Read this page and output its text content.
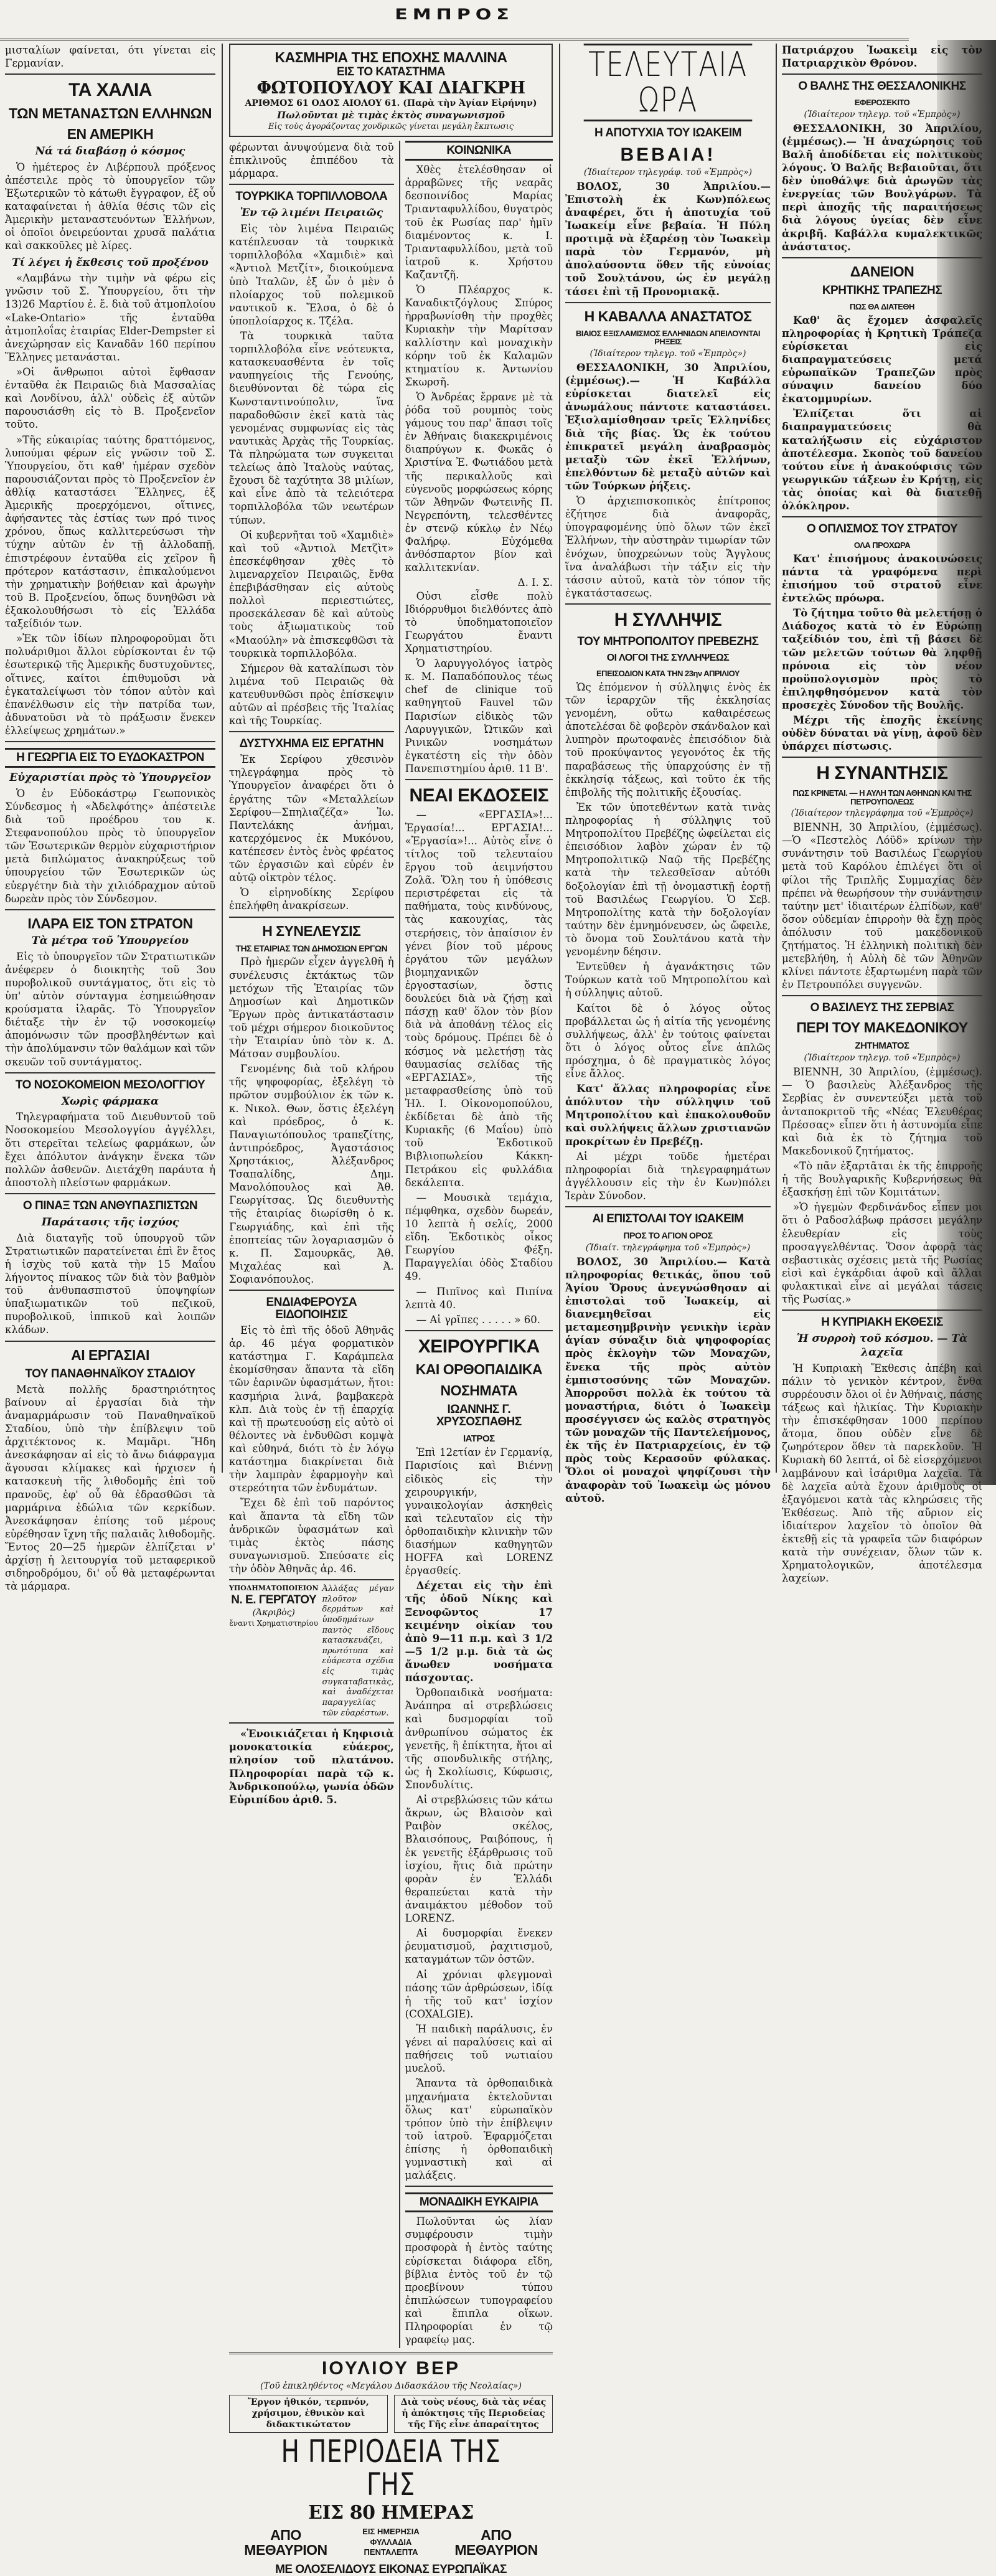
ΕΜΠΡΟΣ

μισταλίων φαίνεται, ότι γίνεται εἰς Γερμανίαν.

ΤΑ ΧΑΛΙΑ
ΤΩΝ ΜΕΤΑΝΑΣΤΩΝ ΕΛΛΗΝΩΝ
ΕΝ ΑΜΕΡΙΚΗ
Νά τά διαβάσῃ ὁ κόσμος

Ὁ ἡμέτερος ἐν Λιβέρπουλ πρόξενος ἀπέστειλε πρὸς τὸ ὑπουργεῖον τῶν Ἐξωτερικῶν τὸ κάτωθι ἔγγραφον, ἐξ οὗ καταφαίνεται ἡ ἀθλία θέσις τῶν εἰς Ἀμερικὴν μεταναστευόντων Ἑλλήνων, οἱ ὁποῖοι ὀνειρεύονται χρυσᾶ παλάτια καὶ σακκοῦλες μὲ λίρες.

Τί λέγει ἡ ἔκθεσις τοῦ προξένου

«Λαμβάνω τὴν τιμὴν νὰ φέρω εἰς γνῶσιν τοῦ Σ. Ὑπουργείου, ὅτι τὴν 13)26 Μαρτίου ἐ. ἔ. διὰ τοῦ ἀτμοπλοίου «Lake-Ontario» τῆς ἐνταῦθα ἀτμοπλοΐας ἑταιρίας Elder-Dempster εἰ ἀνεχώρησαν εἰς Καναδᾶν 160 περίπου Ἕλληνες μετανάσται.

»Οἱ ἄνθρωποι αὐτοὶ ἔφθασαν ἐνταῦθα ἐκ Πειραιῶς διὰ Μασσαλίας καὶ Λονδίνου, ἀλλ' οὐδεὶς ἐξ αὐτῶν παρουσιάσθη εἰς τὸ Β. Προξενεῖον τοῦτο.

»Τῆς εὐκαιρίας ταύτης δραττόμενος, λυπούμαι φέρων εἰς γνῶσιν τοῦ Σ. Ὑπουργείου, ὅτι καθ' ἡμέραν σχεδὸν παρουσιάζονται πρὸς τὸ Προξενεῖον ἐν ἀθλίᾳ καταστάσει Ἕλληνες, ἐξ Ἀμερικῆς προερχόμενοι, οἵτινες, ἀφήσαντες τὰς ἑστίας των πρό τινος χρόνου, ὅπως καλλιτερεύσωσι τὴν τύχην αὐτῶν ἐν τῇ ἀλλοδαπῇ, ἐπιστρέφουν ἐνταῦθα εἰς χεῖρον ἢ πρότερον κατάστασιν, ἐπικαλούμενοι τὴν χρηματικὴν βοήθειαν καὶ ἀρωγὴν τοῦ Β. Προξενείου, ὅπως δυνηθῶσι νὰ ἐξακολουθήσωσι τὸ εἰς Ἑλλάδα ταξείδιόν των.

»Ἐκ τῶν ἰδίων πληροφοροῦμαι ὅτι πολυάριθμοι ἄλλοι εὑρίσκονται ἐν τῷ ἐσωτερικῷ τῆς Ἀμερικῆς δυστυχοῦντες, οἵτινες, καίτοι ἐπιθυμοῦσι νὰ ἐγκαταλείψωσι τὸν τόπον αὐτὸν καὶ ἐπανέλθωσιν εἰς τὴν πατρίδα των, ἀδυνατοῦσι νὰ τὸ πράξωσιν ἕνεκεν ἐλλείψεως χρημάτων.»

Η ΓΕΩΡΓΙΑ ΕΙΣ ΤΟ ΕΥΔΟΚΑΣΤΡΟΝ
Εὐχαριστίαι πρὸς τὸ Ὑπουργεῖον

Ὁ ἐν Εὐδοκάστρῳ Γεωπονικὸς Σύνδεσμος ἡ «Ἀδελφότης» ἀπέστειλε διὰ τοῦ προέδρου του κ. Στεφανοπούλου πρὸς τὸ ὑπουργεῖον τῶν Ἐσωτερικῶν θερμὸν εὐχαριστήριον μετὰ διπλώματος ἀνακηρύξεως τοῦ ὑπουργείου τῶν Ἐσωτερικῶν ὡς εὐεργέτην διὰ τὴν χιλιόδραχμον αὐτοῦ δωρεὰν πρὸς τὸν Σύνδεσμον.

ΙΛΑΡΑ ΕΙΣ ΤΟΝ ΣΤΡΑΤΟΝ
Τὰ μέτρα τοῦ Ὑπουργείου

Εἰς τὸ ὑπουργεῖον τῶν Στρατιωτικῶν ἀνέφερεν ὁ διοικητὴς τοῦ 3ου πυροβολικοῦ συντάγματος, ὅτι εἰς τὸ ὑπ' αὐτὸν σύνταγμα ἐσημειώθησαν κρούσματα ἰλαρᾶς. Τὸ Ὑπουργεῖον διέταξε τὴν ἐν τῷ νοσοκομείῳ ἀπομόνωσιν τῶν προσβληθέντων καὶ τὴν ἀπολύμανσιν τῶν θαλάμων καὶ τῶν σκευῶν τοῦ συντάγματος.

ΤΟ ΝΟΣΟΚΟΜΕΙΟΝ ΜΕΣΟΛΟΓΓΙΟΥ
Χωρὶς φάρμακα

Τηλεγραφήματα τοῦ Διευθυντοῦ τοῦ Νοσοκομείου Μεσολογγίου ἀγγέλλει, ὅτι στερεῖται τελείως φαρμάκων, ὧν ἔχει ἀπόλυτον ἀνάγκην ἕνεκα τῶν πολλῶν ἀσθενῶν. Διετάχθη παράυτα ἡ ἀποστολὴ πλείστων φαρμάκων.

Ο ΠΙΝΑΞ ΤΩΝ ΑΝΘΥΠΑΣΠΙΣΤΩΝ
Παράτασις τῆς ἰσχύος

Διὰ διαταγῆς τοῦ ὑπουργοῦ τῶν Στρατιωτικῶν παρατείνεται ἐπὶ ἓν ἔτος ἡ ἰσχὺς τοῦ κατὰ τὴν 15 Μαΐου λήγοντος πίνακος τῶν διὰ τὸν βαθμὸν τοῦ ἀνθυπασπιστοῦ ὑποψηφίων ὑπαξιωματικῶν τοῦ πεζικοῦ, πυροβολικοῦ, ἱππικοῦ καὶ λοιπῶν κλάδων.

ΑΙ ΕΡΓΑΣΙΑΙ
ΤΟΥ ΠΑΝΑΘΗΝΑΪΚΟΥ ΣΤΑΔΙΟΥ

Μετὰ πολλῆς δραστηριότητος βαίνουν αἱ ἐργασίαι διὰ τὴν ἀναμαρμάρωσιν τοῦ Παναθηναϊκοῦ Σταδίου, ὑπὸ τὴν ἐπίβλεψιν τοῦ ἀρχιτέκτονος κ. Μαμᾶρι. Ἤδη ἀνεσκάφησαν αἱ εἰς τὸ ἄνω διάφραγμα ἄγουσαι κλίμακες καὶ ἠρχισεν ἡ κατασκευὴ τῆς λιθοδομῆς ἐπὶ τοῦ πρανοῦς, ἐφ' οὗ θὰ ἐδρασθῶσι τὰ μαρμάρινα ἑδώλια τῶν κερκίδων. Ἀνεσκάφησαν ἐπίσης τοῦ μέρους εὑρέθησαν ἴχνη τῆς παλαιᾶς λιθοδομῆς. Ἔντος 20—25 ἡμερῶν ἐλπίζεται ν' ἀρχίσῃ ἡ λειτουργία τοῦ μεταφερικοῦ σιδηροδρόμου, δι' οὗ θὰ μεταφέρωνται τὰ μάρμαρα.

ΚΑΣΜΗΡΙΑ ΤΗΣ ΕΠΟΧΗΣ ΜΑΛΛΙΝΑ
ΕΙΣ ΤΟ ΚΑΤΑΣΤΗΜΑ
ΦΩΤΟΠΟΥΛΟΥ ΚΑΙ ΔΙΑΓΚΡΗ
ΑΡΙΘΜΟΣ 61 ΟΔΟΣ ΑΙΟΛΟΥ 61. (Παρὰ τὴν Ἁγίαν Εἰρήνην)
Πωλοῦνται μὲ τιμὰς ἐκτὸς συναγωνισμοῦ
Εἰς τοὺς ἀγοράζοντας χονδρικῶς γίνεται μεγάλη ἔκπτωσις

φέρωνται ἀνυψούμενα διὰ τοῦ ἐπικλινοῦς ἐπιπέδου τὰ μάρμαρα.

ΤΟΥΡΚΙΚΑ ΤΟΡΠΙΛΛΟΒΟΛΑ
Ἐν τῷ λιμένι Πειραιῶς

Εἰς τὸν λιμένα Πειραιῶς κατέπλευσαν τὰ τουρκικὰ τορπιλλοβόλα «Χαμιδιὲ» καὶ «Ἀντιολ Μετζίτ», διοικούμενα ὑπὸ Ἰταλῶν, ἐξ ὧν ὁ μὲν ὁ πλοίαρχος τοῦ πολεμικοῦ ναυτικοῦ κ. Ἔλσα, ὁ δὲ ὁ ὑποπλοίαρχος κ. Τζέλα.

Τὰ τουρκικὰ ταῦτα τορπιλλοβόλα εἶνε νεότευκτα, κατασκευασθέντα ἐν τοῖς ναυπηγείοις τῆς Γενούης, διευθύνονται δὲ τώρα εἰς Κωνσταντινούπολιν, ἵνα παραδοθῶσιν ἐκεῖ κατὰ τὰς γενομένας συμφωνίας εἰς τὰς ναυτικὰς Ἀρχὰς τῆς Τουρκίας. Τὰ πληρώματα των συγκειται τελείως ἀπὸ Ἰταλοὺς ναύτας, ἔχουσι δὲ ταχύτητα 38 μιλίων, καὶ εἶνε ἀπὸ τὰ τελειότερα τορπιλλοβόλα τῶν νεωτέρων τύπων.

Οἱ κυβερνῆται τοῦ «Χαμιδιὲ» καὶ τοῦ «Ἀντιολ Μετζὶτ» ἐπεσκέφθησαν χθὲς τὸ λιμεναρχεῖον Πειραιῶς, ἔνθα ἐπεβιβάσθησαν εἰς αὐτοὺς πολλοὶ περιεστιώτες, προσεκάλεσαν δὲ καὶ αὐτοὺς τοὺς ἀξιωματικοὺς τοῦ «Μιαούλη» νὰ ἐπισκεφθῶσι τὰ τουρκικὰ τορπιλλοβόλα.

Σήμερον θὰ καταλίπωσι τὸν λιμένα τοῦ Πειραιῶς θὰ κατευθυνθῶσι πρὸς ἐπίσκεψιν αὐτῶν αἱ πρέσβεις τῆς Ἰταλίας καὶ τῆς Τουρκίας.

ΔΥΣΤΥΧΗΜΑ ΕΙΣ ΕΡΓΑΤΗΝ

Ἐκ Σερίφου χθεσινὸν τηλεγράφημα πρὸς τὸ Ὑπουργεῖον ἀναφέρει ὅτι ὁ ἐργάτης τῶν «Μεταλλείων Σερίφου—Σπηλιαζέζα» Ἰω. Παντελάκης ἀνήμαι, κατερχόμενος ἐκ Μυκόνου, κατέπεσεν ἐντὸς ἑνὸς φρέατος τῶν ἐργασιῶν καὶ εὑρέν ἐν αὐτῷ οἰκτρὸν τέλος.

Ὁ εἰρηνοδίκης Σερίφου ἐπελήφθη ἀνακρίσεων.

Η ΣΥΝΕΛΕΥΣΙΣ
ΤΗΣ ΕΤΑΙΡΙΑΣ ΤΩΝ ΔΗΜΟΣΙΩΝ ΕΡΓΩΝ

Πρὸ ἡμερῶν εἶχεν ἀγγελθῆ ἡ συνέλευσις ἐκτάκτως τῶν μετόχων τῆς Ἑταιρίας τῶν Δημοσίων καὶ Δημοτικῶν Ἔργων πρὸς ἀντικατάστασιν τοῦ μέχρι σήμερον διοικοῦντος τὴν Ἑταιρίαν ὑπὸ τὸν κ. Δ. Μάτσαν συμβουλίου.

Γενομένης διὰ τοῦ κλήρου τῆς ψηφοφορίας, ἐξελέγη τὸ πρῶτον συμβούλιον ἐκ τῶν κ. κ. Νικολ. Θων, ὅστις ἐξελέγη καὶ πρόεδρος, ὁ κ. Παναγιωτόπουλος τραπεζίτης, ἀντιπρόεδρος, Ἀγαστάσιος Χρηστάκιος, Ἀλέξανδρος Τσαπαλίδης, Δημ. Μανολόπουλος καὶ Ἀθ. Γεωργίτσας. Ὡς διευθυντὴς τῆς ἑταιρίας διωρίσθη ὁ κ. Γεωργιάδης, καὶ ἐπὶ τῆς ἐποπτείας τῶν λογαριασμῶν ὁ κ. Π. Σαμουρκᾶς, Ἀθ. Μιχαλέας καὶ Ἀ. Σοφιανόπουλος.

ΕΝΔΙΑΦΕΡΟΥΣΑ ΕΙΔΟΠΟΙΗΣΙΣ

Εἰς τὸ ἐπὶ τῆς ὁδοῦ Ἀθηνᾶς ἀρ. 46 μέγα φορματικὸν κατάστημα Γ. Καράμπελα ἐκομίσθησαν ἅπαντα τὰ εἴδη τῶν ἐαρινῶν ὑφασμάτων, ἤτοι: κασμήρια λινά, βαμβακερὰ κλπ. Διὰ τοὺς ἐν τῇ ἐπαρχίᾳ καὶ τῇ πρωτευούσῃ εἰς αὐτὸ οἱ θέλοντες νὰ ἐνδυθῶσι κομψὰ καὶ εὐθηνά, διότι τὸ ἐν λόγῳ κατάστημα διακρίνεται διὰ τὴν λαμπρὰν ἐφαρμογὴν καὶ στερεότητα τῶν ἐνδυμάτων.

Ἔχει δὲ ἐπὶ τοῦ παρόντος καὶ ἅπαντα τὰ εἴδη τῶν ἀνδρικῶν ὑφασμάτων καὶ τιμὰς ἐκτὸς πάσης συναγωνισμοῦ. Σπεύσατε εἰς τὴν ὁδὸν Ἀθηνᾶς ἀρ. 46.

ΥΠΟΔΗΜΑΤΟΠΟΙΕΙΟΝ
Ν. Ε. ΓΕΡΓΑΤΟΥ
(Ἀκριβὸς)
ἔναντι Χρηματιστηρίου
Ἀλλάξας μέγαν πλοῦτον δερμάτων καὶ ὑποδημάτων παντὸς εἴδους κατασκευάζει, πρωτότυπα καὶ εὐάρεστα σχέδια εἰς τιμὰς συγκαταβατικὰς, καὶ ἀναδέχεται παραγγελίας τῶν εὐαρέστων.

«Ἐνοικιάζεται ἡ Κηφισιὰ μονοκατοικία εὐάερος, πλησίον τοῦ πλατάνου. Πληροφορίαι παρὰ τῷ κ. Ἀνδρικοπούλῳ, γωνία ὁδῶν Εὐριπίδου ἀριθ. 5.

ΚΟΙΝΩΝΙΚΑ

Χθὲς ἐτελέσθησαν οἱ ἀρραβῶνες τῆς νεαρᾶς δεσποινίδος Μαρίας Τριανταφυλλίδου, θυγατρὸς τοῦ ἐκ Ρωσίας παρ' ἡμῖν διαμένοντος κ. Ι. Τριανταφυλλίδου, μετὰ τοῦ ἰατροῦ κ. Χρήστου Καζαντζῆ.

Ὁ Πλέαρχος κ. Καναδικτζόγλους Σπύρος ἠρραβωνίσθη τὴν προχθὲς Κυριακὴν τὴν Μαρίτσαν καλλίστην καὶ μοναχικὴν κόρην τοῦ ἐκ Καλαμῶν κτηματίου κ. Ἀντωνίου Σκωρσῆ.

Ὁ Ἀνδρέας ἔρρανε μὲ τὰ ῥόδα τοῦ ρουμπὸς τοὺς γάμους του παρ' ἅπασι τοῖς ἐν Ἀθήναις διακεκριμένοις διαπρύγων κ. Φωκᾶς ὁ Χριστίνα Ἐ. Φωτιάδου μετὰ τῆς περικαλλοῦς καὶ εὐγενοῦς μορφώσεως κόρης τῶν Ἀθηνῶν Φωτεινῆς Π. Νεγρεπόντη, τελεσθέντες ἐν στενῷ κύκλῳ ἐν Νέῳ Φαλήρῳ. Εὐχόμεθα ἀνθόσπαρτον βίον καὶ καλλιτεκνίαν.

Δ. Ι. Σ.

Οὐσι εἶσθε πολὺ Ιδιόρρυθμοι διελθόντες ἀπὸ τὸ ὑποδηματοποιεῖον Γεωργάτου ἔναντι Χρηματιστηρίου.

Ὁ λαρυγγολόγος ἰατρὸς κ. Μ. Παπαδόπουλος τέως chef de clinique τοῦ καθηγητοῦ Fauvel τῶν Παρισίων εἰδικὸς τῶν Λαρυγγικῶν, Ὠτικῶν καὶ Ρινικῶν νοσημάτων ἐγκατέστη εἰς τὴν ὁδὸν Πανεπιστημίου ἀριθ. 11 Β'.

ΝΕΑΙ ΕΚΔΟΣΕΙΣ

— «ΕΡΓΑΣΙΑ»!... Ἐργασία!... ΕΡΓΑΣΙΑ!... «Ἐργασία»!... Αὐτὸς εἶνε ὁ τίτλος τοῦ τελευταίου ἔργου τοῦ ἀειμνήστου Ζολᾶ. Ὅλη του ἡ ὑπόθεσις περιστρέφεται εἰς τὰ παθήματα, τοὺς κινδύνους, τὰς κακουχίας, τὰς στερήσεις, τὸν ἀπαίσιον ἐν γένει βίον τοῦ μέρους ἐργάτου τῶν μεγάλων βιομηχανικῶν ἐργοστασίων, ὅστις δουλεύει διὰ νὰ ζήσῃ καὶ πάσχῃ καθ' ὅλον τὸν βίον διὰ νὰ ἀποθάνῃ τέλος εἰς τοὺς δρόμους. Πρέπει δὲ ὁ κόσμος νὰ μελετήσῃ τὰς θαυμασίας σελίδας τῆς «ΕΡΓΑΣΙΑΣ», τῆς μεταφρασθείσης ὑπὸ τοῦ Ἠλ. Ι. Οἰκονομοπούλου, ἐκδίδεται δὲ ἀπὸ τῆς Κυριακῆς (6 Μαΐου) ὑπὸ τοῦ Ἐκδοτικοῦ Βιβλιοπωλείου Κάκκη-Πετράκου εἰς φυλλάδια δεκάλεπτα.

— Μουσικὰ τεμάχια, πέμφθηκα, σχεδὸν δωρεάν, 10 λεπτὰ ἡ σελίς, 2000 εἴδη. Ἐκδοτικὸς οἶκος Γεωργίου Φέξη. Παραγγελίαι ὁδὸς Σταδίου 49.

— Πιπῖνος καὶ Πιπίνα λεπτὰ 40.

— Αἱ γρῖπες . . . . . » 60.

ΧΕΙΡΟΥΡΓΙΚΑ
ΚΑΙ ΟΡΘΟΠΑΙΔΙΚΑ
ΝΟΣΗΜΑΤΑ
ΙΩΑΝΝΗΣ Γ. ΧΡΥΣΟΣΠΑΘΗΣ
ΙΑΤΡΟΣ

Ἐπὶ 12ετίαν ἐν Γερμανίᾳ, Παρισίοις καὶ Βιέννῃ εἰδικὸς εἰς τὴν χειρουργικήν, γυναικολογίαν ἀσκηθεὶς καὶ τελευταῖον εἰς τὴν ὀρθοπαιδικὴν κλινικὴν τῶν διασήμων καθηγητῶν HOFFA καὶ LORENZ ἐργασθείς.

Δέχεται εἰς τὴν ἐπὶ τῆς ὁδοῦ Νίκης καὶ Ξενοφῶντος 17 κειμένην οἰκίαν του ἀπὸ 9—11 π.μ. καὶ 3 1/2—5 1/2 μ.μ. διὰ τὰ ὡς ἄνωθεν νοσήματα πάσχοντας.

Ὀρθοπαιδικὰ νοσήματα: Ἀνάπηρα αἱ στρεβλώσεις καὶ δυσμορφίαι τοῦ ἀνθρωπίνου σώματος ἐκ γενετῆς, ἢ ἐπίκτητα, ἤτοι αἱ τῆς σπονδυλικῆς στήλης, ὡς ἡ Σκολίωσις, Κύφωσις, Σπονδυλίτις.

Αἱ στρεβλώσεις τῶν κάτω ἄκρων, ὡς Βλαισὸν καὶ Ραιβὸν σκέλος, Βλαισόπους, Ραιβόπους, ἡ ἐκ γενετῆς ἐξάρθρωσις τοῦ ἰσχίου, ἥτις διὰ πρώτην φορὰν ἐν Ἑλλάδι θεραπεύεται κατὰ τὴν ἀναιμάκτου μέθοδον τοῦ LORENZ.

Αἱ δυσμορφίαι ἕνεκεν ῥευματισμοῦ, ῥαχιτισμοῦ, καταγμάτων τῶν ὀστῶν.

Αἱ χρόνιαι φλεγμοναὶ πάσης τῶν ἀρθρώσεων, ἰδίᾳ ἡ τῆς τοῦ κατ' ἰσχίον (COXALGIE).

Ἡ παιδικὴ παράλυσις, ἐν γένει αἱ παραλύσεις καὶ αἱ παθήσεις τοῦ νωτιαίου μυελοῦ.

Ἅπαντα τὰ ὀρθοπαιδικὰ μηχανήματα ἐκτελοῦνται ὅλως κατ' εὐρωπαϊκὸν τρόπον ὑπὸ τὴν ἐπίβλεψιν τοῦ ἰατροῦ. Ἐφαρμόζεται ἐπίσης ἡ ὀρθοπαιδικὴ γυμναστικὴ καὶ αἱ μαλάξεις.

ΜΟΝΑΔΙΚΗ ΕΥΚΑΙΡΙΑ

Πωλοῦνται ὡς λίαν συμφέρουσιν τιμὴν προσφορὰ ἡ ἐντὸς ταύτης εὐρίσκεται διάφορα εἴδη, βίβλια ἐντὸς τοῦ ἐν τῷ προεβίνουν τύπου ἐπιπλώσεων τυπογραφείου καὶ ἔπιπλα οἴκων. Πληροφορίαι ἐν τῷ γραφείῳ μας.

ΙΟΥΛΙΟΥ ΒΕΡ
(Τοῦ ἐπικληθέντος «Μεγάλου Διδασκάλου τῆς Νεολαίας»)
Ἔργον ἠθικόν, τερπνόν, χρήσιμον, ἐθνικὸν καὶ διδακτικώτατον
Διὰ τοὺς νέους, διὰ τὰς νέας ἡ ἀπόκτησις τῆς Περιοδείας τῆς Γῆς εἶνε ἀπαραίτητος
Η ΠΕΡΙΟΔΕΙΑ ΤΗΣ ΓΗΣ
ΕΙΣ 80 ΗΜΕΡΑΣ
ΑΠΟ ΜΕΘΑΥΡΙΟΝ
ΕΙΣ ΗΜΕΡΗΣΙΑ ΦΥΛΛΑΔΙΑ
ΠΕΝΤΑΛΕΠΤΑ
ΑΠΟ ΜΕΘΑΥΡΙΟΝ
ΜΕ ΟΛΟΣΕΛΙΔΟΥΣ ΕΙΚΟΝΑΣ ΕΥΡΩΠΑΪΚΑΣ
ΤΕΛΕΥΤΑΙΑ ΩΡΑ
Η ΑΠΟΤΥΧΙΑ ΤΟΥ ΙΩΑΚΕΙΜ
ΒΕΒΑΙΑ!
(Ἰδιαίτερον τηλεγράφ. τοῦ «Ἐμπρὸς»)

ΒΟΛΟΣ, 30 Ἀπριλίου.— Ἐπιστολὴ ἐκ Κων)πόλεως ἀναφέρει, ὅτι ἡ ἀποτυχία τοῦ Ἰωακείμ εἶνε βεβαία. Ἡ Πύλη προτιμᾷ νὰ ἐξαρέσῃ τὸν Ἰωακεὶμ παρὰ τὸν Γερμανόν, μὴ ἀπολαύσοντα ὅθεν τῆς εὐνοίας τοῦ Σουλτάνου, ὡς ἐν μεγάλῃ τάσει ἐπὶ τῇ Προνομιακᾷ.

Η ΚΑΒΑΛΛΑ ΑΝΑΣΤΑΤΟΣ
ΒΙΑΙΟΣ ΕΞΙΣΛΑΜΙΣΜΟΣ ΕΛΛΗΝΙΔΩΝ ΑΠΕΙΛΟΥΝΤΑΙ ΡΗΞΕΙΣ
(Ἰδιαίτερον τηλεγρ. τοῦ «Ἐμπρὸς»)

ΘΕΣΣΑΛΟΝΙΚΗ, 30 Ἀπριλίου, (ἐμμέσως).— Ἡ Καβάλλα εὑρίσκεται διατελεῖ εἰς ἀνωμάλους πάντοτε καταστάσει. Ἐξισλαμίσθησαν τρεῖς Ἑλληνίδες διὰ τῆς βίας. Ὡς ἐκ τούτου ἐπικρατεῖ μεγάλη ἀναβρασμὸς μεταξὺ τῶν ἐκεῖ Ἑλλήνων, ἐπελθόντων δὲ μεταξὺ αὐτῶν καὶ τῶν Τούρκων ῥήξεις.

Ὁ ἀρχιεπισκοπικὸς ἐπίτροπος ἐζήτησε διὰ ἀναφορᾶς, ὑπογραφομένης ὑπὸ ὅλων τῶν ἐκεῖ Ἑλλήνων, τὴν αὐστηρὰν τιμωρίαν τῶν ἐνόχων, ὑποχρεώνων τοὺς Ἄγγλους ἵνα ἀναλάβωσι τὴν τάξιν εἰς τὴν τάσσιν αὐτοῦ, κατὰ τὸν τόπον τῆς ἐγκατάστασεως.

Η ΣΥΛΛΗΨΙΣ
ΤΟΥ ΜΗΤΡΟΠΟΛΙΤΟΥ ΠΡΕΒΕΖΗΣ
ΟΙ ΛΟΓΟΙ ΤΗΣ ΣΥΛΛΗΨΕΩΣ
ΕΠΕΙΣΟΔΙΟΝ ΚΑΤΑ ΤΗΝ 23ην ΑΠΡΙΛΙΟΥ

Ὡς ἐπόμενον ἡ σύλληψις ἑνὸς ἐκ τῶν ἱεραρχῶν τῆς ἐκκλησίας γενομένη, οὕτω καθαιρέσεως ἀποτελέσαι δὲ φοβερὸν σκάνδαλον καὶ λυπηρὸν πρωτοφανὲς ἐπεισόδιον διὰ τοῦ προκύψαντος γεγονότος ἐκ τῆς παραβάσεως τῆς ὑπαρχούσης ἐν τῇ ἐκκλησίᾳ τάξεως, καὶ τοῦτο ἐκ τῆς ἐπιβολῆς τῆς πολιτικῆς ἐξουσίας.

Ἐκ τῶν ὑποτεθέντων κατὰ τινὰς πληροφορίας ἡ σύλληψις τοῦ Μητροπολίτου Πρεβέζης ὠφείλεται εἰς ἐπεισόδιον λαβὸν χώραν ἐν τῷ Μητροπολιτικῷ Ναῷ τῆς Πρεβέζης κατὰ τὴν τελεσθεῖσαν αὐτόθι δοξολογίαν ἐπὶ τῇ ὀνομαστικῇ ἑορτῇ τοῦ Βασιλέως Γεωργίου. Ὁ Σεβ. Μητροπολίτης κατὰ τὴν δοξολογίαν ταύτην δὲν ἐμνημόνευσεν, ὡς ὤφειλε, τὸ ὄνομα τοῦ Σουλτάνου κατὰ τὴν γενομένην δέησιν.

Ἐντεῦθεν ἡ ἀγανάκτησις τῶν Τούρκων κατὰ τοῦ Μητροπολίτου καὶ ἡ σύλληψις αὐτοῦ.

Καίτοι δὲ ὁ λόγος οὗτος προβάλλεται ὡς ἡ αἰτία τῆς γενομένης συλλήψεως, ἀλλ' ἐν τούτοις φαίνεται ὅτι ὁ λόγος οὗτος εἶνε ἁπλῶς πρόσχημα, ὁ δὲ πραγματικὸς λόγος εἶνε ἄλλος.

Κατ' ἄλλας πληροφορίας εἶνε ἀπόλυτον τὴν σύλληψιν τοῦ Μητροπολίτου καὶ ἐπακολουθοῦν καὶ συλλήψεις ἄλλων χριστιανῶν προκρίτων ἐν Πρεβέζῃ.

Αἱ μέχρι τοῦδε ἡμετέραι πληροφορίαι διὰ τηλεγραφημάτων ἀγγέλλουσιν εἰς τὴν ἐν Κων)πόλει Ἱερὰν Σύνοδον.

ΑΙ ΕΠΙΣΤΟΛΑΙ ΤΟΥ ΙΩΑΚΕΙΜ
ΠΡΟΣ ΤΟ ΑΓΙΟΝ ΟΡΟΣ
(Ἰδιαίτ. τηλεγράφημα τοῦ «Ἐμπρὸς»)

ΒΟΛΟΣ, 30 Ἀπριλίου.— Κατὰ πληροφορίας θετικάς, ὅπου τοῦ Ἁγίου Ὄρους ἀνεγνώσθησαν αἱ ἐπιστολαὶ τοῦ Ἰωακείμ, αἱ διανεμηθεῖσαι εἰς μεταμεσημβρινὴν γενικὴν ἱερὰν ἁγίαν σύναξιν διὰ ψηφοφορίας πρὸς ἐκλογὴν τῶν Μοναχῶν, ἔνεκα τῆς πρὸς αὐτὸν ἐμπιστοσύνης τῶν Μοναχῶν. Ἀπορροῦσι πολλὰ ἐκ τούτου τὰ μοναστήρια, διότι ὁ Ἰωακεὶμ προσέγγισεν ὡς καλὸς στρατηγὸς τῶν μοναχῶν τῆς Παντελεήμονος, ἐκ τῆς ἐν Πατριαρχείοις, ἐν τῷ πρὸς τοὺς Κερασοῦν φύλακας. Ὅλοι οἱ μοναχοὶ ψηφίζουσι τὴν ἀναφορὰν τοῦ Ἰωακεὶμ ὡς μόνου αὐτοῦ.

Πατριάρχου Ἰωακεὶμ εἰς τὸν Πατριαρχικὸν Θρόνον.

Ο ΒΑΛΗΣ ΤΗΣ ΘΕΣΣΑΛΟΝΙΚΗΣ
ΕΦΕΡΟΣΕΚΙΤΟ
(Ἰδιαίτερον τηλεγρ. τοῦ «Ἐμπρὸς»)

ΘΕΣΣΑΛΟΝΙΚΗ, 30 Ἀπριλίου, (ἐμμέσως).— Ἡ ἀναχώρησις τοῦ Βαλῆ ἀποδίδεται εἰς πολιτικοὺς λόγους. Ὁ Βαλῆς Βεβαιοῦται, ὅτι δὲν ὑποθάλψε διὰ ἀρωγῶν τὰς ἐνεργείας τῶν Βουλγάρων. Τὰ περὶ ἀποχῆς τῆς παραιτήσεως διὰ λόγους ὑγείας δὲν εἶνε ἀκριβῆ. Καβάλλα κυμαλεκτικῶς ἀνάστατος.

ΔΑΝΕΙΟΝ
ΚΡΗΤΙΚΗΣ ΤΡΑΠΕΖΗΣ
ΠΩΣ ΘΑ ΔΙΑΤΕΘΗ

Καθ' ἃς ἔχομεν ἀσφαλεῖς πληροφορίας ἡ Κρητικὴ Τράπεζα εὑρίσκεται εἰς διαπραγματεύσεις μετά εὐρωπαϊκῶν Τραπεζῶν πρὸς σύναψιν δανείου δύο ἑκατομμυρίων.

Ἐλπίζεται ὅτι αἱ διαπραγματεύσεις θὰ καταλήξωσιν εἰς εὐχάριστον ἀποτέλεσμα. Σκοπὸς τοῦ δανείου τούτου εἶνε ἡ ἀνακούφισις τῶν γεωργικῶν τάξεων ἐν Κρήτῃ, εἰς τὰς ὁποίας καὶ θὰ διατεθῇ ὁλόκληρον.

Ο ΟΠΛΙΣΜΟΣ ΤΟΥ ΣΤΡΑΤΟΥ
ΟΛΑ ΠΡΟΧΩΡΑ

Κατ' ἐπισήμους ἀνακοινώσεις πάντα τὰ γραφόμενα περὶ ἐπισήμου τοῦ στρατοῦ εἶνε ἐντελῶς πρόωρα.

Τὸ ζήτημα τοῦτο θὰ μελετήσῃ ὁ Διάδοχος κατὰ τὸ ἐν Εὐρώπῃ ταξείδιόν του, ἐπὶ τῇ βάσει δὲ τῶν μελετῶν τούτων θὰ ληφθῇ πρόνοια εἰς τὸν νέον προϋπολογισμὸν πρὸς τὸ ἐπιληφθησόμενον κατὰ τὸν προσεχὲς Σύνοδον τῆς Βουλῆς.

Μέχρι τῆς ἐποχῆς ἐκείνης οὐδὲν δύναται νὰ γίνῃ, ἀφοῦ δὲν ὑπάρχει πίστωσις.

Η ΣΥΝΑΝΤΗΣΙΣ
ΠΩΣ ΚΡΙΝΕΤΑΙ. — Η ΑΥΛΗ ΤΩΝ ΑΘΗΝΩΝ ΚΑΙ ΤΗΣ ΠΕΤΡΟΥΠΟΛΕΩΣ
(Ἰδιαίτερον τηλεγράφημα τοῦ «Ἐμπρὸς»)

ΒΙΕΝΝΗ, 30 Ἀπριλίου, (ἐμμέσως).—Ὁ «Πεστελὸς Λόϋδ» κρίνων τὴν συνάντησιν τοῦ Βασιλέως Γεωργίου μετὰ τοῦ Καρόλου ἐπιλέγει ὅτι οἱ φίλοι τῆς Τριπλῆς Συμμαχίας δὲν πρέπει νὰ θεωρήσουν τὴν συνάντησιν ταύτην μετ' ἰδιαιτέρων ἐλπίδων, καθ' ὅσον οὐδεμίαν ἐπιρροὴν θὰ ἔχῃ πρὸς ἀπόλυσιν τοῦ μακεδονικοῦ ζητήματος. Ἡ ἑλληνικὴ πολιτικὴ δὲν μετεβλήθη, ἡ Αὐλὴ δὲ τῶν Ἀθηνῶν κλίνει πάντοτε ἐξαρτωμένη παρὰ τῶν ἐν Πετρουπόλει συγγενῶν.

Ο ΒΑΣΙΛΕΥΣ ΤΗΣ ΣΕΡΒΙΑΣ
ΠΕΡΙ ΤΟΥ ΜΑΚΕΔΟΝΙΚΟΥ
ΖΗΤΗΜΑΤΟΣ
(Ἰδιαίτερον τηλεγρ. τοῦ «Ἐμπρὸς»)

ΒΙΕΝΝΗ, 30 Ἀπριλίου, (ἐμμέσως). — Ὁ βασιλεὺς Ἀλέξανδρος τῆς Σερβίας ἐν συνεντεύξει μετὰ τοῦ ἀνταποκριτοῦ τῆς «Νέας Ἐλευθέρας Πρέσσας» εἶπεν ὅτι ἡ ἀστυνομία εἶπε καὶ διὰ ἐκ τὸ ζήτημα τοῦ Μακεδονικοῦ ζητήματος.

«Τὸ πᾶν ἐξαρτᾶται ἐκ τῆς ἐπιρροῆς ἡ τῆς Βουλγαρικῆς Κυβερνήσεως θὰ ἐξασκήσῃ ἐπὶ τῶν Κομιτάτων.

»Ὁ ἡγεμὼν Φερδινάνδος εἶπεν μοι ὅτι ὁ Ραδοσλάβωφ πράσσει μεγάλην ἐλευθερίαν εἰς τοὺς προσαγγελθέντας. Ὅσον ἀφορᾷ τὰς σεβαστικὰς σχέσεις μετὰ τῆς Ρωσίας εἰσὶ καὶ ἐγκάρδιαι ἀφοῦ καὶ ἄλλαι φυλακτικαὶ εἶνε αἱ μεγάλαι τάσεις τῆς Ρωσίας.»

Η ΚΥΠΡΙΑΚΗ ΕΚΘΕΣΙΣ
Ἡ συρροὴ τοῦ κόσμου. — Τὰ λαχεῖα

Ἡ Κυπριακὴ Ἔκθεσις ἀπέβη καὶ πάλιν τὸ γενικὸν κέντρον, ἔνθα συρρέουσιν ὅλοι οἱ ἐν Ἀθήναις, πάσης τάξεως καὶ ἡλικίας. Τὴν Κυριακὴν τὴν ἐπισκέφθησαν 1000 περίπου ἄτομα, ὅπου οὐδὲν εἶνε δὲ ζωηρότερον ὅθεν τὰ παρεκλοῦν. Ἡ Κυριακὴ 60 λεπτά, οἱ δὲ εἰσερχόμενοι λαμβάνουν καὶ ἰσάριθμα λαχεῖα. Τὰ δὲ λαχεῖα αὐτὰ ἔχουν ἀριθμοὺς οἱ ἐξαγόμενοι κατὰ τὰς κληρώσεις τῆς Ἐκθέσεως. Ἀπὸ τῆς αὔριον εἰς ἰδιαίτερον λαχεῖον τὸ ὁποῖον θὰ ἐκτεθῇ εἰς τὰ γραφεῖα τῶν διαφόρων κατὰ τὴν συνέχειαν, ὅλων τῶν κ. Χρηματολογικῶν, ἀποτέλεσμα λαχείων.
